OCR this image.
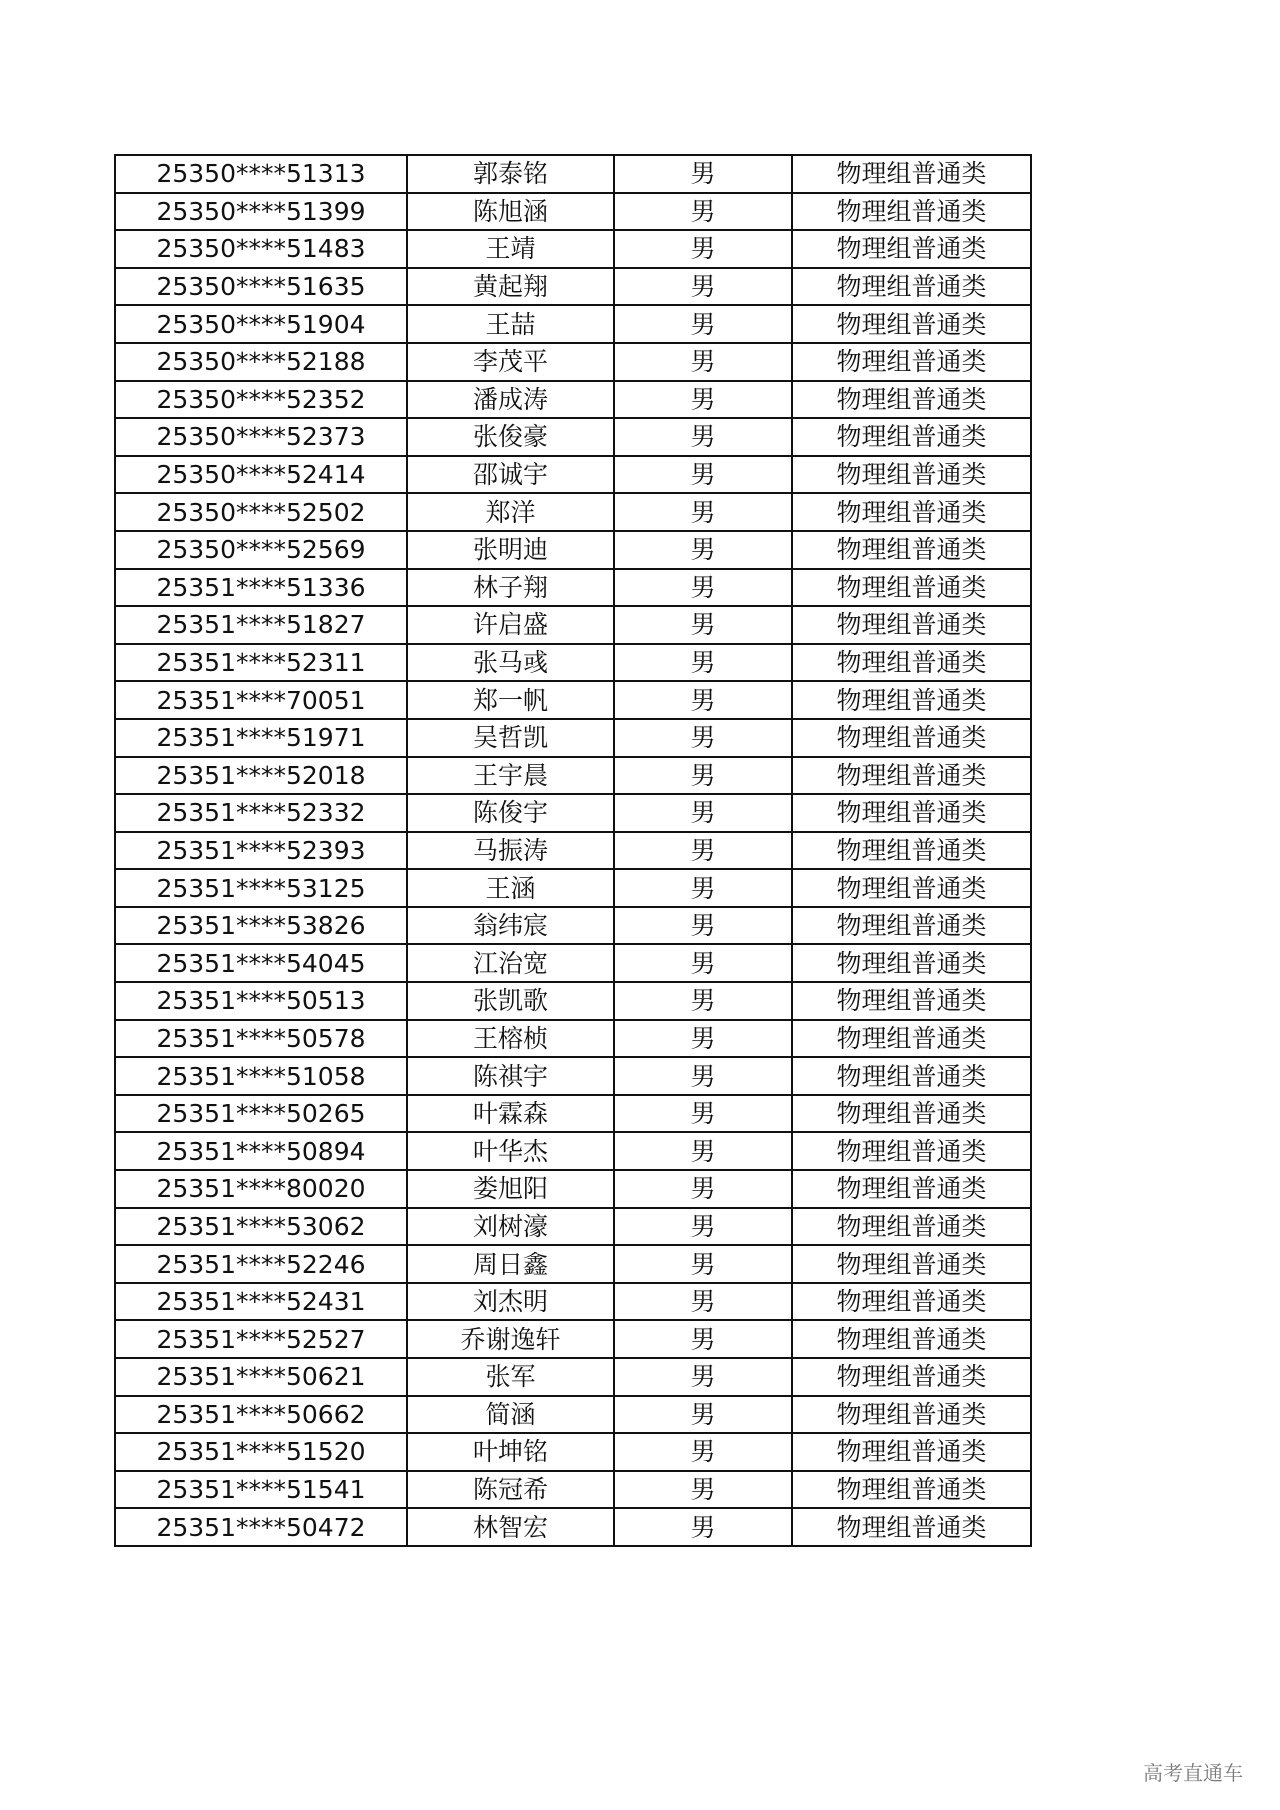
25350****51313	郭泰铭	男	物理组普通类
25350****51399	陈旭涵	男	物理组普通类
25350****51483	王靖	男	物理组普通类
25350****51635	黄起翔	男	物理组普通类
25350****51904	王喆	男	物理组普通类
25350****52188	李茂平	男	物理组普通类
25350****52352	潘成涛	男	物理组普通类
25350****52373	张俊豪	男	物理组普通类
25350****52414	邵诚宇	男	物理组普通类
25350****52502	郑洋	男	物理组普通类
25350****52569	张明迪	男	物理组普通类
25351****51336	林子翔	男	物理组普通类
25351****51827	许启盛	男	物理组普通类
25351****52311	张马彧	男	物理组普通类
25351****70051	郑一帆	男	物理组普通类
25351****51971	吴哲凯	男	物理组普通类
25351****52018	王宇晨	男	物理组普通类
25351****52332	陈俊宇	男	物理组普通类
25351****52393	马振涛	男	物理组普通类
25351****53125	王涵	男	物理组普通类
25351****53826	翁纬宸	男	物理组普通类
25351****54045	江治宽	男	物理组普通类
25351****50513	张凯歌	男	物理组普通类
25351****50578	王榕桢	男	物理组普通类
25351****51058	陈祺宇	男	物理组普通类
25351****50265	叶霖森	男	物理组普通类
25351****50894	叶华杰	男	物理组普通类
25351****80020	娄旭阳	男	物理组普通类
25351****53062	刘树濠	男	物理组普通类
25351****52246	周日鑫	男	物理组普通类
25351****52431	刘杰明	男	物理组普通类
25351****52527	乔谢逸轩	男	物理组普通类
25351****50621	张军	男	物理组普通类
25351****50662	简涵	男	物理组普通类
25351****51520	叶坤铭	男	物理组普通类
25351****51541	陈冠希	男	物理组普通类
25351****50472	林智宏	男	物理组普通类
高考直通车
